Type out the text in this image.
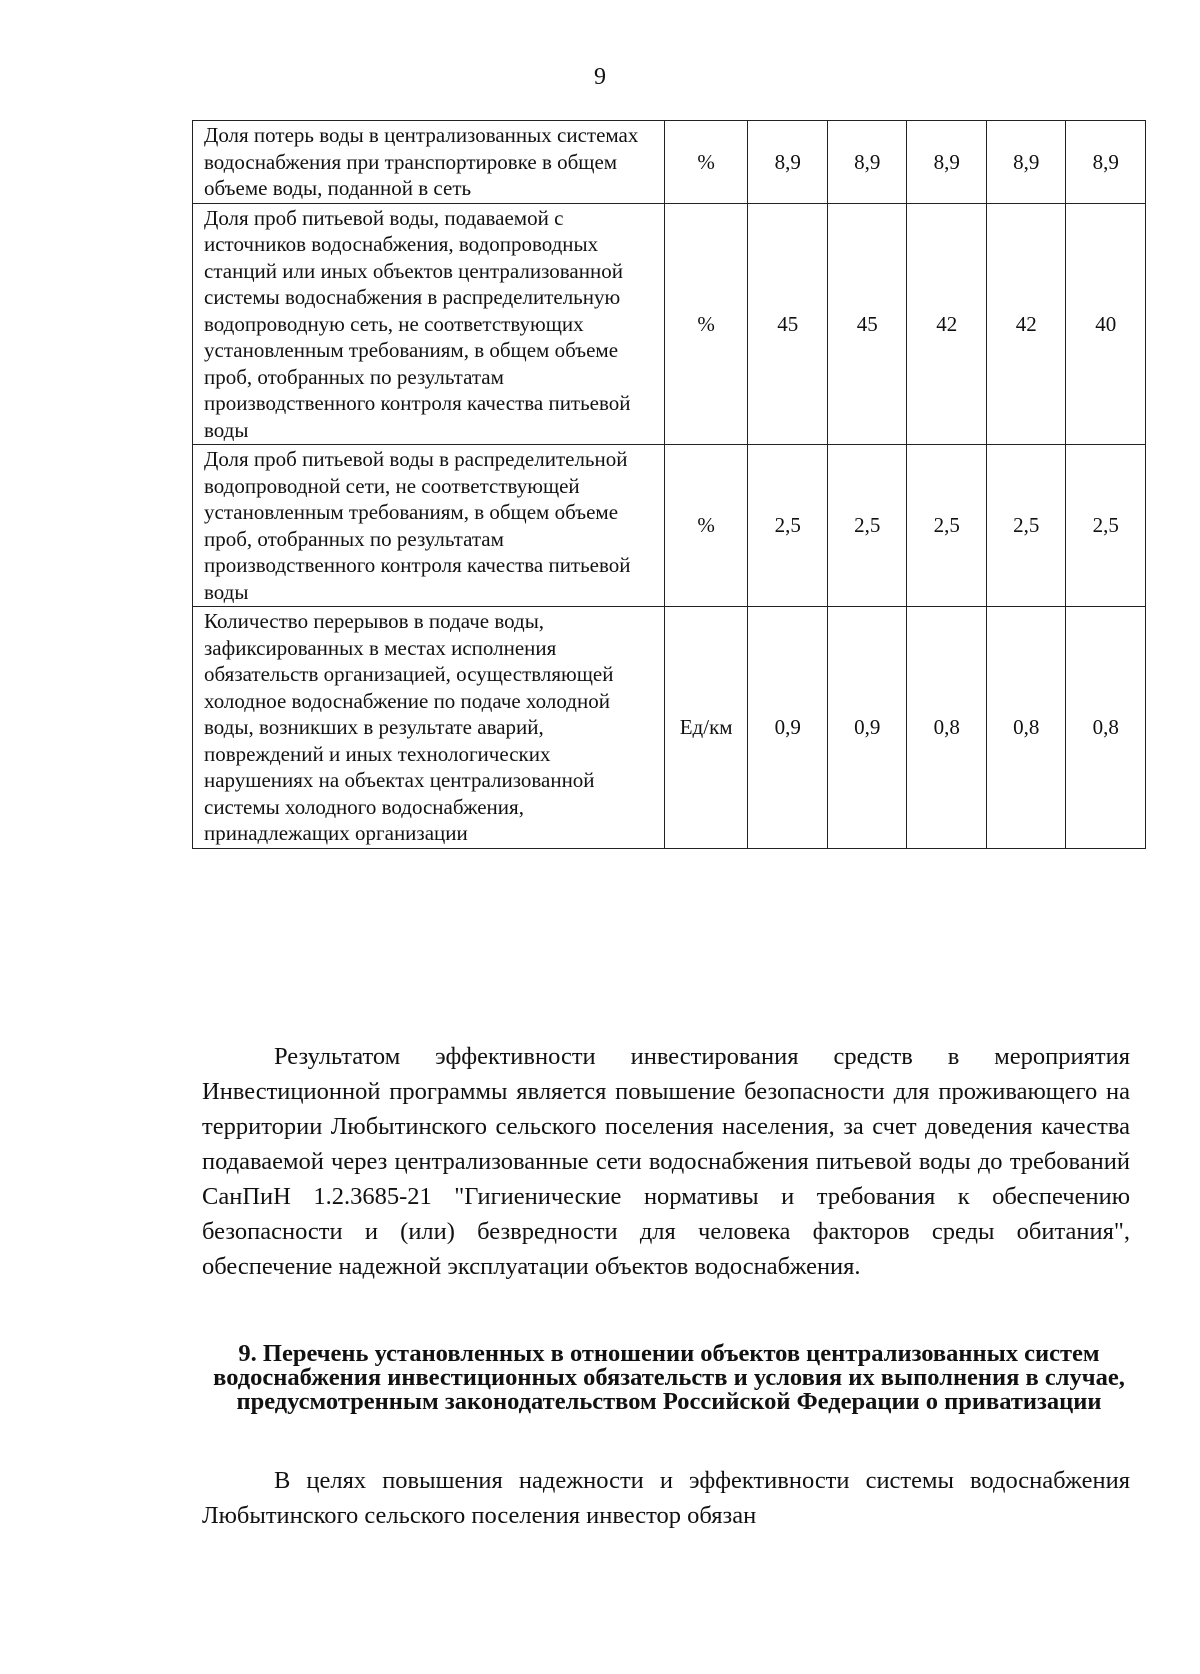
9
Доля потерь воды в централизованных системах водоснабжения при транспортировке в общем объеме воды, поданной в сеть	%	8,9	8,9	8,9	8,9	8,9
Доля проб питьевой воды, подаваемой с источников водоснабжения, водопроводных станций или иных объектов централизованной системы водоснабжения в распределительную водопроводную сеть, не соответствующих установленным требованиям, в общем объеме проб, отобранных по результатам производственного контроля качества питьевой воды	%	45	45	42	42	40
Доля проб питьевой воды в распределительной водопроводной сети, не соответствующей установленным требованиям, в общем объеме проб, отобранных по результатам производственного контроля качества питьевой воды	%	2,5	2,5	2,5	2,5	2,5
Количество перерывов в подаче воды, зафиксированных в местах исполнения обязательств организацией, осуществляющей холодное водоснабжение по подаче холодной воды, возникших в результате аварий, повреждений и иных технологических нарушениях на объектах централизованной системы холодного водоснабжения, принадлежащих организации	Ед/км	0,9	0,9	0,8	0,8	0,8

Результатом эффективности инвестирования средств в мероприятия Инвестиционной программы является повышение безопасности для проживающего на территории Любытинского сельского поселения населения, за счет доведения качества подаваемой через централизованные сети водоснабжения питьевой воды до требований СанПиН 1.2.3685-21 "Гигиенические нормативы и требования к обеспечению безопасности и (или) безвредности для человека факторов среды обитания", обеспечение надежной эксплуатации объектов водоснабжения.

9. Перечень установленных в отношении объектов централизованных систем водоснабжения инвестиционных обязательств и условия их выполнения в случае, предусмотренным законодательством Российской Федерации о приватизации

В целях повышения надежности и эффективности системы водоснабжения Любытинского сельского поселения инвестор обязан
